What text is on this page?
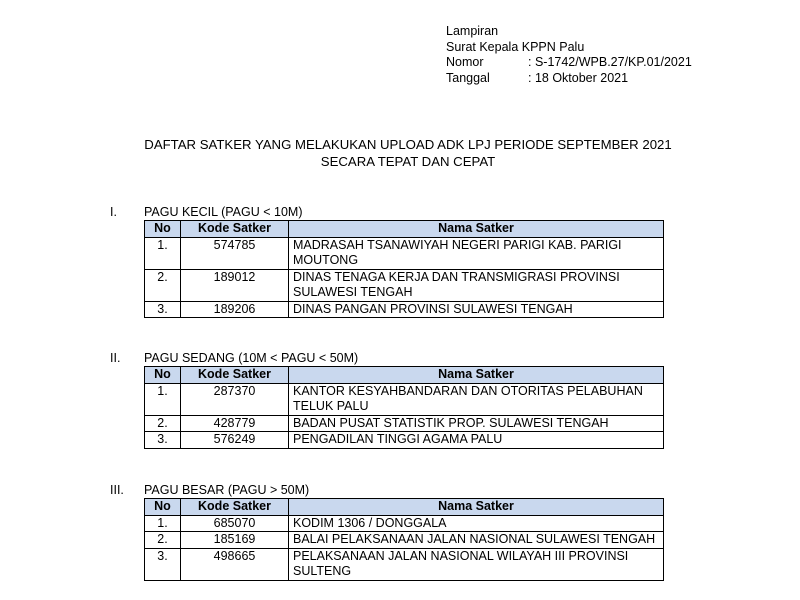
Lampiran
Surat Kepala KPPN Palu
Nomor	: S-1742/WPB.27/KP.01/2021
Tanggal	: 18 Oktober 2021
DAFTAR SATKER YANG MELAKUKAN UPLOAD ADK LPJ PERIODE SEPTEMBER 2021
SECARA TEPAT DAN CEPAT
I. PAGU KECIL (PAGU < 10M)
No	Kode Satker	Nama Satker
1.	574785	MADRASAH TSANAWIYAH NEGERI PARIGI KAB. PARIGI MOUTONG
2.	189012	DINAS TENAGA KERJA DAN TRANSMIGRASI PROVINSI SULAWESI TENGAH
3.	189206	DINAS PANGAN PROVINSI SULAWESI TENGAH
II. PAGU SEDANG (10M < PAGU < 50M)
No	Kode Satker	Nama Satker
1.	287370	KANTOR KESYAHBANDARAN DAN OTORITAS PELABUHAN TELUK PALU
2.	428779	BADAN PUSAT STATISTIK PROP. SULAWESI TENGAH
3.	576249	PENGADILAN TINGGI AGAMA PALU
III. PAGU BESAR (PAGU > 50M)
No	Kode Satker	Nama Satker
1.	685070	KODIM 1306 / DONGGALA
2.	185169	BALAI PELAKSANAAN JALAN NASIONAL SULAWESI TENGAH
3.	498665	PELAKSANAAN JALAN NASIONAL WILAYAH III PROVINSI SULTENG
